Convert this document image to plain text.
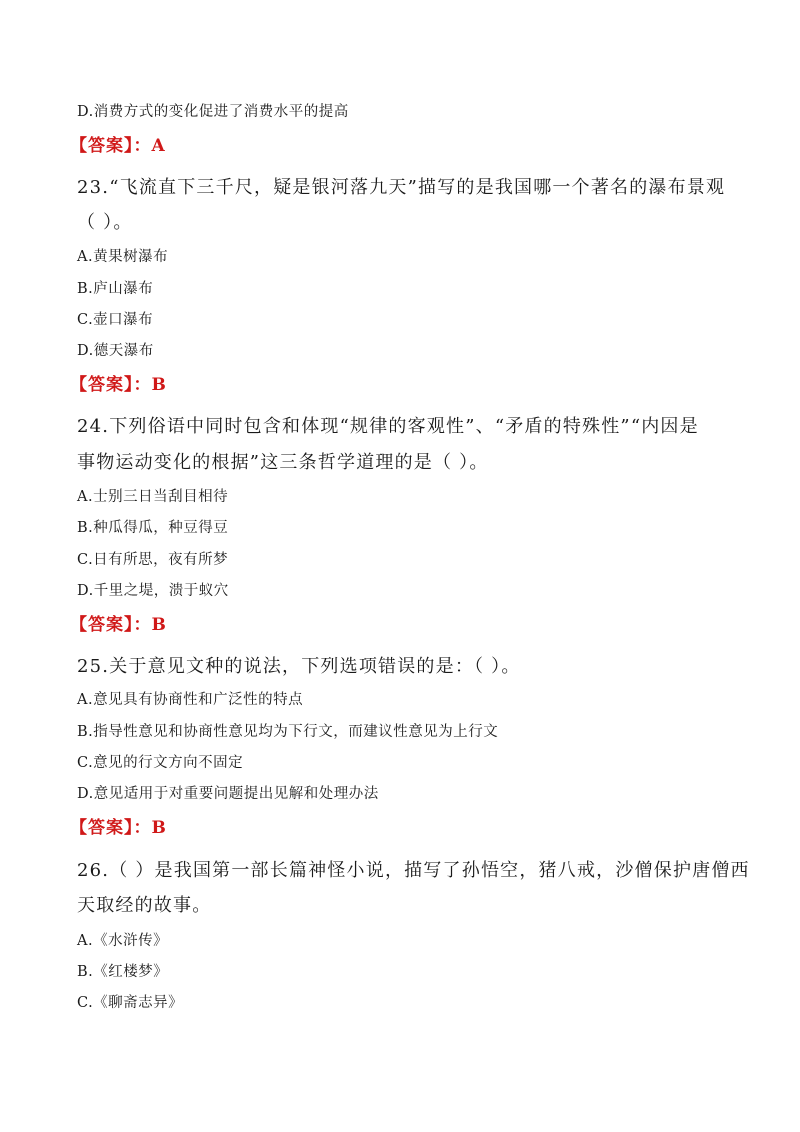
D.消费方式的变化促进了消费水平的提高
【答案】：A
23.“飞流直下三千尺，疑是银河落九天”描写的是我国哪一个著名的瀑布景观
（ ）。
A.黄果树瀑布
B.庐山瀑布
C.壶口瀑布
D.德天瀑布
【答案】：B
24.下列俗语中同时包含和体现“规律的客观性”、“矛盾的特殊性”“内因是
事物运动变化的根据”这三条哲学道理的是（ ）。
A.士别三日当刮目相待
B.种瓜得瓜，种豆得豆
C.日有所思，夜有所梦
D.千里之堤，溃于蚁穴
【答案】：B
25.关于意见文种的说法，下列选项错误的是：（ ）。
A.意见具有协商性和广泛性的特点
B.指导性意见和协商性意见均为下行文，而建议性意见为上行文
C.意见的行文方向不固定
D.意见适用于对重要问题提出见解和处理办法
【答案】：B
26.（ ）是我国第一部长篇神怪小说，描写了孙悟空，猪八戒，沙僧保护唐僧西
天取经的故事。
A.《水浒传》
B.《红楼梦》
C.《聊斋志异》
